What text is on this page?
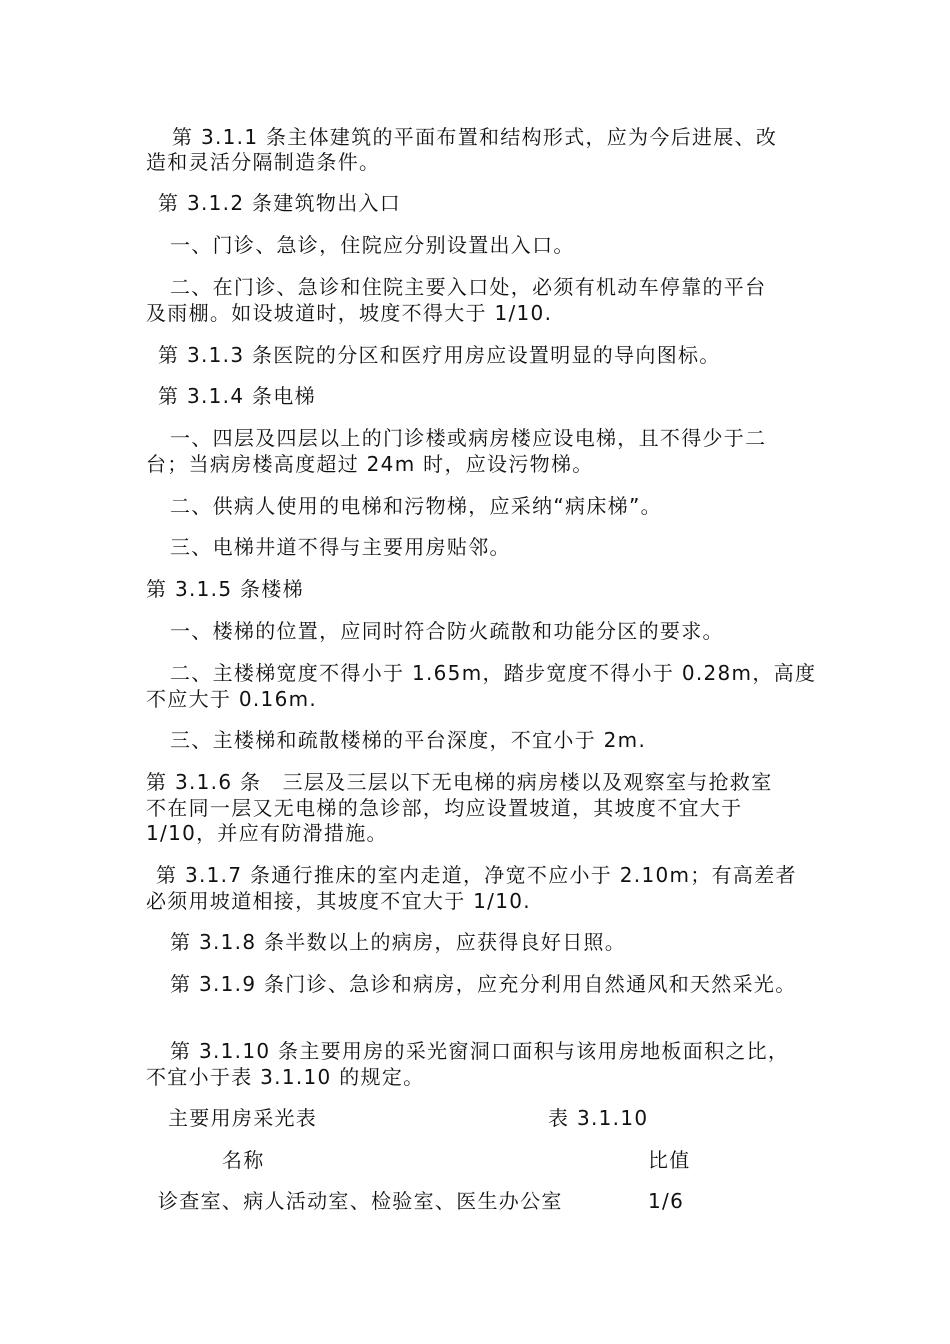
第 3.1.1 条主体建筑的平面布置和结构形式，应为今后进展、改
造和灵活分隔制造条件。
第 3.1.2 条建筑物出入口
一、门诊、急诊，住院应分别设置出入口。
二、在门诊、急诊和住院主要入口处，必须有机动车停靠的平台
及雨棚。如设坡道时，坡度不得大于 1/10.
第 3.1.3 条医院的分区和医疗用房应设置明显的导向图标。
第 3.1.4 条电梯
一、四层及四层以上的门诊楼或病房楼应设电梯，且不得少于二
台；当病房楼高度超过 24m 时，应设污物梯。
二、供病人使用的电梯和污物梯，应采纳“病床梯”。
三、电梯井道不得与主要用房贴邻。
第 3.1.5 条楼梯
一、楼梯的位置，应同时符合防火疏散和功能分区的要求。
二、主楼梯宽度不得小于 1.65m，踏步宽度不得小于 0.28m，高度
不应大于 0.16m.
三、主楼梯和疏散楼梯的平台深度，不宜小于 2m.
第 3.1.6 条　三层及三层以下无电梯的病房楼以及观察室与抢救室
不在同一层又无电梯的急诊部，均应设置坡道，其坡度不宜大于
1/10，并应有防滑措施。
第 3.1.7 条通行推床的室内走道，净宽不应小于 2.10m；有高差者
必须用坡道相接，其坡度不宜大于 1/10.
第 3.1.8 条半数以上的病房，应获得良好日照。
第 3.1.9 条门诊、急诊和病房，应充分利用自然通风和天然采光。
第 3.1.10 条主要用房的采光窗洞口面积与该用房地板面积之比，
不宜小于表 3.1.10 的规定。
主要用房采光表	表 3.1.10
名称	比值
诊查室、病人活动室、检验室、医生办公室	1/6
